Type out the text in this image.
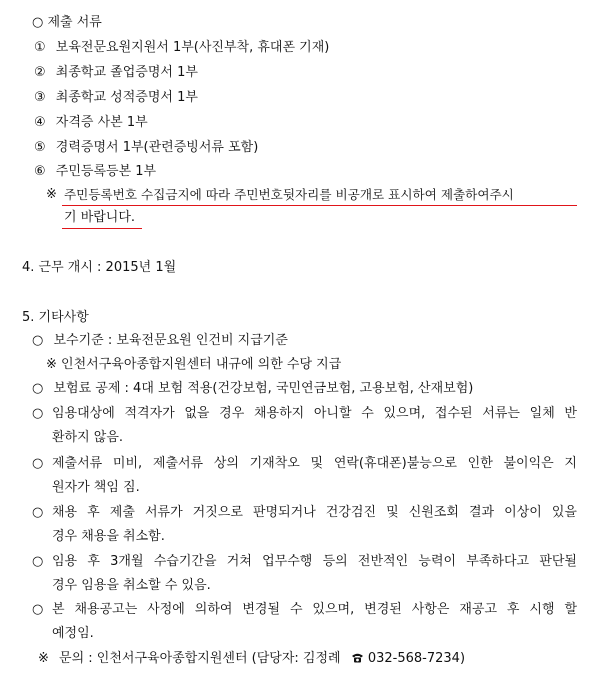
○ 제출 서류
① 보육전문요원지원서 1부(사진부착, 휴대폰 기재)
② 최종학교 졸업증명서 1부
③ 최종학교 성적증명서 1부
④ 자격증 사본 1부
⑤ 경력증명서 1부(관련증빙서류 포함)
⑥ 주민등록등본 1부
※ 주민등록번호 수집금지에 따라 주민번호뒷자리를 비공개로 표시하여 제출하여주시
기 바랍니다.
4. 근무 개시 : 2015년 1월
5. 기타사항
○ 보수기준 : 보육전문요원 인건비 지급기준
※ 인천서구육아종합지원센터 내규에 의한 수당 지급
○ 보험료 공제 : 4대 보험 적용(건강보험, 국민연금보험, 고용보험, 산재보험)
○ 임용대상에 적격자가 없을 경우 채용하지 아니할 수 있으며, 접수된 서류는 일체 반
환하지 않음.
○ 제출서류 미비, 제출서류 상의 기재착오 및 연락(휴대폰)불능으로 인한 불이익은 지
원자가 책임 짐.
○ 채용 후 제출 서류가 거짓으로 판명되거나 건강검진 및 신원조회 결과 이상이 있을
경우 채용을 취소함.
○ 임용 후 3개월 수습기간을 거쳐 업무수행 등의 전반적인 능력이 부족하다고 판단될
경우 임용을 취소할 수 있음.
○ 본 채용공고는 사정에 의하여 변경될 수 있으며, 변경된 사항은 재공고 후 시행 할
예정임.
※ 문의 : 인천서구육아종합지원센터 (담당자: 김정례 032-568-7234)
